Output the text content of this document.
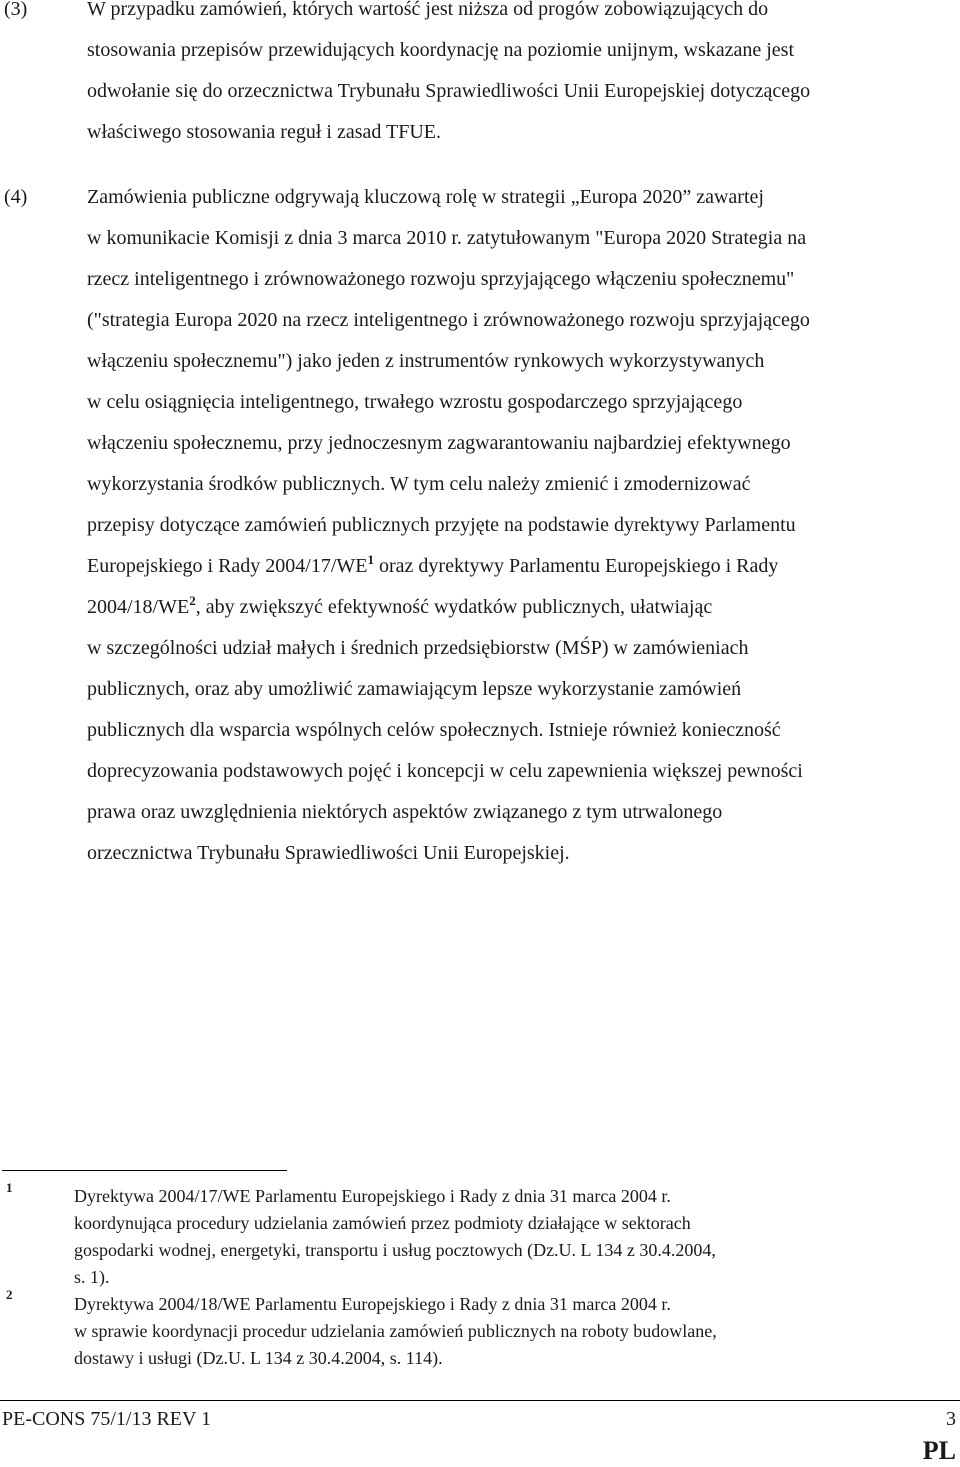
(3)	W przypadku zamówień, których wartość jest niższa od progów zobowiązujących do
stosowania przepisów przewidujących koordynację na poziomie unijnym, wskazane jest
odwołanie się do orzecznictwa Trybunału Sprawiedliwości Unii Europejskiej dotyczącego
właściwego stosowania reguł i zasad TFUE.
(4)	Zamówienia publiczne odgrywają kluczową rolę w strategii „Europa 2020” zawartej
w komunikacie Komisji z dnia 3 marca 2010 r. zatytułowanym "Europa 2020 Strategia na
rzecz inteligentnego i zrównoważonego rozwoju sprzyjającego włączeniu społecznemu"
("strategia Europa 2020 na rzecz inteligentnego i zrównoważonego rozwoju sprzyjającego
włączeniu społecznemu") jako jeden z instrumentów rynkowych wykorzystywanych
w celu osiągnięcia inteligentnego, trwałego wzrostu gospodarczego sprzyjającego
włączeniu społecznemu, przy jednoczesnym zagwarantowaniu najbardziej efektywnego
wykorzystania środków publicznych. W tym celu należy zmienić i zmodernizować
przepisy dotyczące zamówień publicznych przyjęte na podstawie dyrektywy Parlamentu
Europejskiego i Rady $2004/17/WE^1$ oraz dyrektywy Parlamentu Europejskiego i Rady
$2004/18/WE^2$, aby zwiększyć efektywność wydatków publicznych, ułatwiając
w szczególności udział małych i średnich przedsiębiorstw (MŚP) w zamówieniach
publicznych, oraz aby umożliwić zamawiającym lepsze wykorzystanie zamówień
publicznych dla wsparcia wspólnych celów społecznych. Istnieje również konieczność
doprecyzowania podstawowych pojęć i koncepcji w celu zapewnienia większej pewności
prawa oraz uwzględnienia niektórych aspektów związanego z tym utrwalonego
orzecznictwa Trybunału Sprawiedliwości Unii Europejskiej.
1	Dyrektywa 2004/17/WE Parlamentu Europejskiego i Rady z dnia 31 marca 2004 r.
koordynująca procedury udzielania zamówień przez podmioty działające w sektorach
gospodarki wodnej, energetyki, transportu i usług pocztowych (Dz.U. L 134 z 30.4.2004,
s. 1).
2	Dyrektywa 2004/18/WE Parlamentu Europejskiego i Rady z dnia 31 marca 2004 r.
w sprawie koordynacji procedur udzielania zamówień publicznych na roboty budowlane,
dostawy i usługi (Dz.U. L 134 z 30.4.2004, s. 114).
PE-CONS 75/1/13 REV 1	3
PL
